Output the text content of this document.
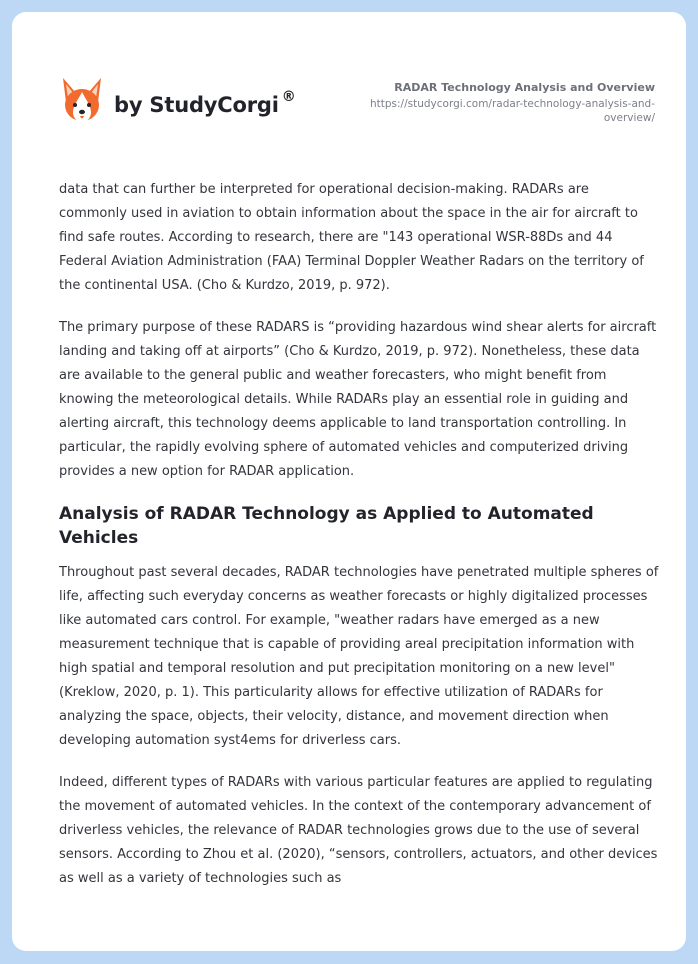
by StudyCorgi ®
RADAR Technology Analysis and Overview
https://studycorgi.com/radar-technology-analysis-and-overview/

data that can further be interpreted for operational decision-making. RADARs are commonly used in aviation to obtain information about the space in the air for aircraft to find safe routes. According to research, there are "143 operational WSR-88Ds and 44 Federal Aviation Administration (FAA) Terminal Doppler Weather Radars on the territory of the continental USA. (Cho & Kurdzo, 2019, p. 972).

The primary purpose of these RADARS is “providing hazardous wind shear alerts for aircraft landing and taking off at airports” (Cho & Kurdzo, 2019, p. 972). Nonetheless, these data are available to the general public and weather forecasters, who might benefit from knowing the meteorological details. While RADARs play an essential role in guiding and alerting aircraft, this technology deems applicable to land transportation controlling. In particular, the rapidly evolving sphere of automated vehicles and computerized driving provides a new option for RADAR application.

Analysis of RADAR Technology as Applied to Automated Vehicles

Throughout past several decades, RADAR technologies have penetrated multiple spheres of life, affecting such everyday concerns as weather forecasts or highly digitalized processes like automated cars control. For example, "weather radars have emerged as a new measurement technique that is capable of providing areal precipitation information with high spatial and temporal resolution and put precipitation monitoring on a new level" (Kreklow, 2020, p. 1). This particularity allows for effective utilization of RADARs for analyzing the space, objects, their velocity, distance, and movement direction when developing automation syst4ems for driverless cars.

Indeed, different types of RADARs with various particular features are applied to regulating the movement of automated vehicles. In the context of the contemporary advancement of driverless vehicles, the relevance of RADAR technologies grows due to the use of several sensors. According to Zhou et al. (2020), “sensors, controllers, actuators, and other devices as well as a variety of technologies such as
